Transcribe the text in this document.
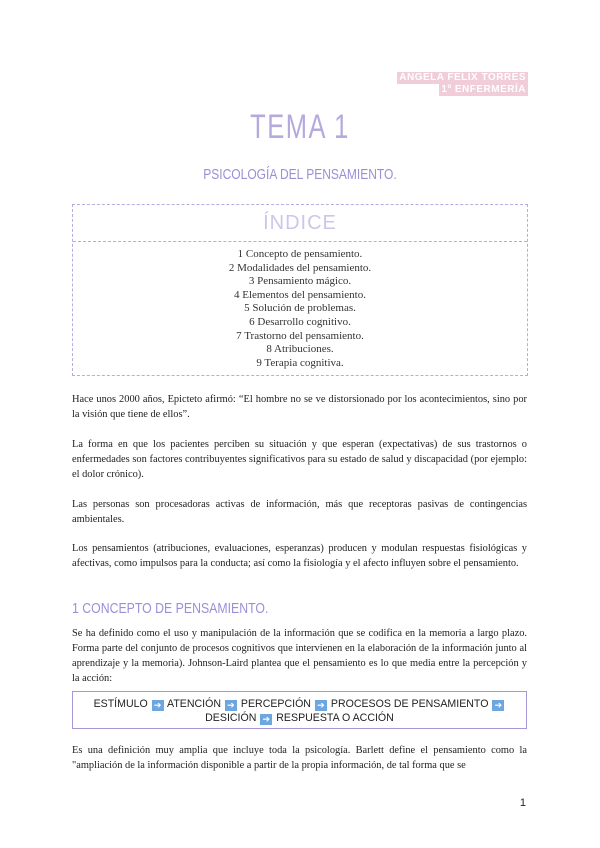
ÁNGELA FÉLIX TORRES
1º ENFERMERÍA
TEMA 1
PSICOLOGÍA DEL PENSAMIENTO.
ÍNDICE
1 Concepto de pensamiento.
2 Modalidades del pensamiento.
3 Pensamiento mágico.
4 Elementos del pensamiento.
5 Solución de problemas.
6 Desarrollo cognitivo.
7 Trastorno del pensamiento.
8 Atribuciones.
9 Terapia cognitiva.

Hace unos 2000 años, Epicteto afirmó: “El hombre no se ve distorsionado por los acontecimientos, sino por la visión que tiene de ellos”.

La forma en que los pacientes perciben su situación y que esperan (expectativas) de sus trastornos o enfermedades son factores contribuyentes significativos para su estado de salud y discapacidad (por ejemplo: el dolor crónico).

Las personas son procesadoras activas de información, más que receptoras pasivas de contingencias ambientales.

Los pensamientos (atribuciones, evaluaciones, esperanzas) producen y modulan respuestas fisiológicas y afectivas, como impulsos para la conducta; así como la fisiología y el afecto influyen sobre el pensamiento.

1 CONCEPTO DE PENSAMIENTO.

Se ha definido como el uso y manipulación de la información que se codifica en la memoria a largo plazo. Forma parte del conjunto de procesos cognitivos que intervienen en la elaboración de la información junto al aprendizaje y la memoria). Johnson-Laird plantea que el pensamiento es lo que media entre la percepción y la acción:

ESTÍMULO ➔ ATENCIÓN ➔ PERCEPCIÓN ➔ PROCESOS DE PENSAMIENTO ➔
DESICIÓN ➔ RESPUESTA O ACCIÓN

Es una definición muy amplia que incluye toda la psicología. Barlett define el pensamiento como la "ampliación de la información disponible a partir de la propia información, de tal forma que se

1
